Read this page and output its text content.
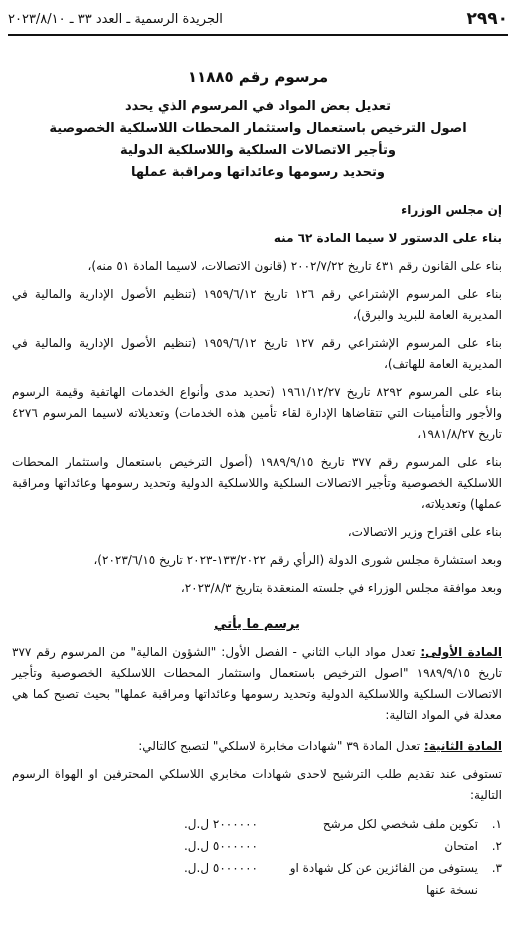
٢٩٩٠
الجريدة الرسمية ـ العدد ٣٣ ـ ٢٠٢٣/٨/١٠
مرسوم رقم ١١٨٨٥
تعديل بعض المواد في المرسوم الذي يحدد
اصول الترخيص باستعمال واستثمار المحطات اللاسلكية الخصوصية
وتأجير الاتصالات السلكية واللاسلكية الدولية
وتحديد رسومها وعائداتها ومراقبة عملها
إن مجلس الوزراء
بناء على الدستور لا سيما المادة ٦٢ منه
بناء على القانون رقم ٤٣١ تاريخ ٢٠٠٢/٧/٢٢ (قانون الاتصالات، لاسيما المادة ٥١ منه)،
بناء على المرسوم الإشتراعي رقم ١٢٦ تاريخ ١٩٥٩/٦/١٢ (تنظيم الأصول الإدارية والمالية في المديرية العامة للبريد والبرق)،
بناء على المرسوم الإشتراعي رقم ١٢٧ تاريخ ١٩٥٩/٦/١٢ (تنظيم الأصول الإدارية والمالية في المديرية العامة للهاتف)،
بناء على المرسوم ٨٢٩٢ تاريخ ١٩٦١/١٢/٢٧ (تحديد مدى وأنواع الخدمات الهاتفية وقيمة الرسوم والأجور والتأمينات التي تتقاضاها الإدارة لقاء تأمين هذه الخدمات) وتعديلاته لاسيما المرسوم ٤٢٧٦ تاريخ ١٩٨١/٨/٢٧،
بناء على المرسوم رقم ٣٧٧ تاريخ ١٩٨٩/٩/١٥ (أصول الترخيص باستعمال واستثمار المحطات اللاسلكية الخصوصية وتأجير الاتصالات السلكية واللاسلكية الدولية وتحديد رسومها وعائداتها ومراقبة عملها) وتعديلاته،
بناء على اقتراح وزير الاتصالات،
وبعد استشارة مجلس شورى الدولة (الرأي رقم ١٣٣/٢٠٢٢-٢٠٢٣ تاريخ ٢٠٢٣/٦/١٥)،
وبعد موافقة مجلس الوزراء في جلسته المنعقدة بتاريخ ٢٠٢٣/٨/٣،
يرسم ما يأتي
المادة الأولى: تعدل مواد الباب الثاني - الفصل الأول: "الشؤون المالية" من المرسوم رقم ٣٧٧ تاريخ ١٩٨٩/٩/١٥ "اصول الترخيص باستعمال واستثمار المحطات اللاسلكية الخصوصية وتأجير الاتصالات السلكية واللاسلكية الدولية وتحديد رسومها وعائداتها ومراقبة عملها" بحيث تصبح كما هي معدلة في المواد التالية:
المادة الثانية: تعدل المادة ٣٩ "شهادات مخابرة لاسلكي" لتصبح كالتالي:
تستوفى عند تقديم طلب الترشيح لاحدى شهادات مخابري اللاسلكي المحترفين او الهواة الرسوم التالية:
١.
تكوين ملف شخصي لكل مرشح
٢٠٠٠٠٠٠ ل.ل.
٢.
امتحان
٥٠٠٠٠٠٠ ل.ل.
٣.
يستوفى من الفائزين عن كل شهادة او نسخة عنها
٥٠٠٠٠٠٠ ل.ل.
